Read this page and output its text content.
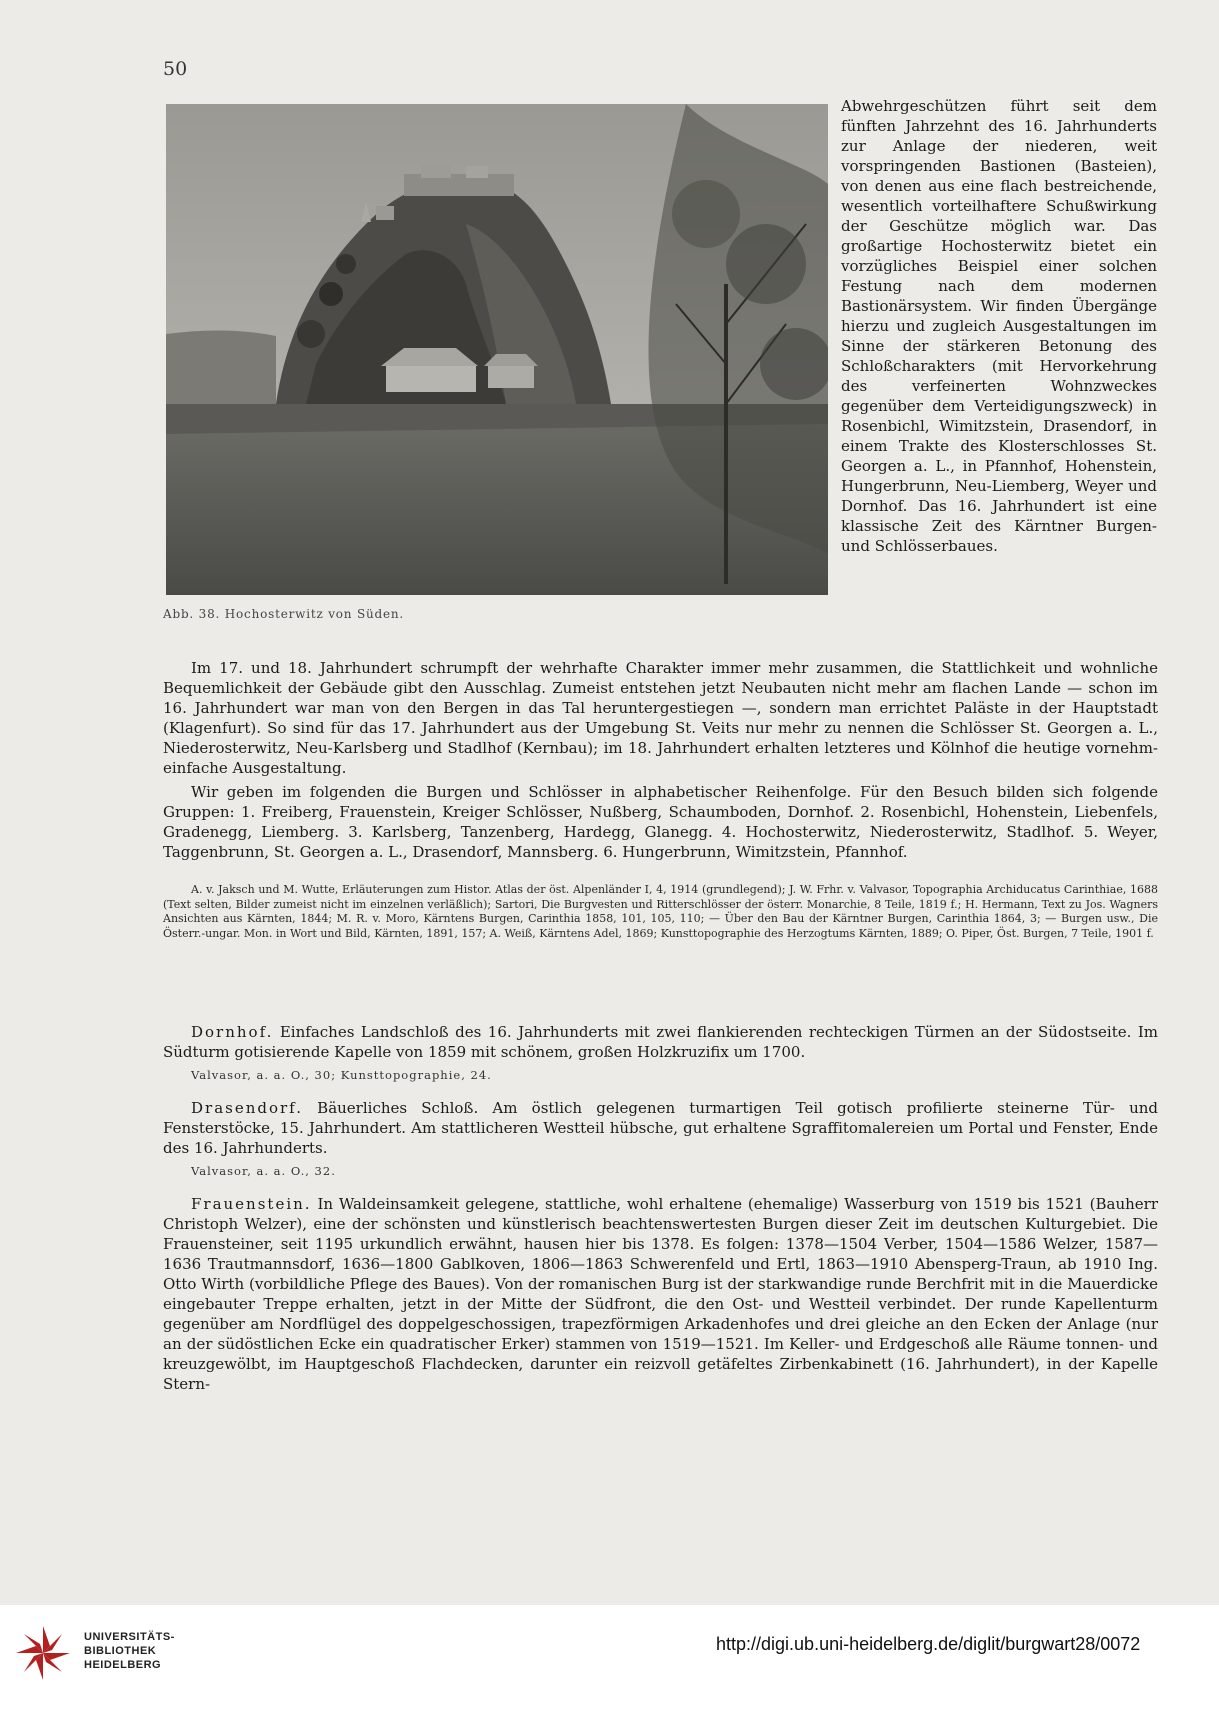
50
Abb. 38. Hochosterwitz von Süden.

Abwehrgeschützen führt seit dem fünften Jahrzehnt des 16. Jahrhunderts zur Anlage der niederen, weit vorspringenden Bastionen (Basteien), von denen aus eine flach bestreichende, wesentlich vorteilhaftere Schußwirkung der Geschütze möglich war. Das großartige Hochosterwitz bietet ein vorzügliches Beispiel einer solchen Festung nach dem modernen Bastionärsystem. Wir finden Übergänge hierzu und zugleich Ausgestaltungen im Sinne der stärkeren Betonung des Schloßcharakters (mit Hervorkehrung des verfeinerten Wohnzweckes gegenüber dem Verteidigungszweck) in Rosenbichl, Wimitzstein, Drasendorf, in einem Trakte des Klosterschlosses St. Georgen a. L., in Pfannhof, Hohenstein, Hungerbrunn, Neu-Liemberg, Weyer und Dornhof. Das 16. Jahrhundert ist eine klassische Zeit des Kärntner Burgen- und Schlösserbaues.

Im 17. und 18. Jahrhundert schrumpft der wehrhafte Charakter immer mehr zusammen, die Stattlichkeit und wohnliche Bequemlichkeit der Gebäude gibt den Ausschlag. Zumeist entstehen jetzt Neubauten nicht mehr am flachen Lande — schon im 16. Jahrhundert war man von den Bergen in das Tal heruntergestiegen —, sondern man errichtet Paläste in der Hauptstadt (Klagenfurt). So sind für das 17. Jahrhundert aus der Umgebung St. Veits nur mehr zu nennen die Schlösser St. Georgen a. L., Niederosterwitz, Neu-Karlsberg und Stadlhof (Kernbau); im 18. Jahrhundert erhalten letzteres und Kölnhof die heutige vornehm-einfache Ausgestaltung.

Wir geben im folgenden die Burgen und Schlösser in alphabetischer Reihenfolge. Für den Besuch bilden sich folgende Gruppen: 1. Freiberg, Frauenstein, Kreiger Schlösser, Nußberg, Schaumboden, Dornhof. 2. Rosenbichl, Hohenstein, Liebenfels, Gradenegg, Liemberg. 3. Karlsberg, Tanzenberg, Hardegg, Glanegg. 4. Hochosterwitz, Niederosterwitz, Stadlhof. 5. Weyer, Taggenbrunn, St. Georgen a. L., Drasendorf, Mannsberg. 6. Hungerbrunn, Wimitzstein, Pfannhof.

A. v. Jaksch und M. Wutte, Erläuterungen zum Histor. Atlas der öst. Alpenländer I, 4, 1914 (grundlegend); J. W. Frhr. v. Valvasor, Topographia Archiducatus Carinthiae, 1688 (Text selten, Bilder zumeist nicht im einzelnen verläßlich); Sartori, Die Burgvesten und Ritterschlösser der österr. Monarchie, 8 Teile, 1819 f.; H. Hermann, Text zu Jos. Wagners Ansichten aus Kärnten, 1844; M. R. v. Moro, Kärntens Burgen, Carinthia 1858, 101, 105, 110; — Über den Bau der Kärntner Burgen, Carinthia 1864, 3; — Burgen usw., Die Österr.-ungar. Mon. in Wort und Bild, Kärnten, 1891, 157; A. Weiß, Kärntens Adel, 1869; Kunsttopographie des Herzogtums Kärnten, 1889; O. Piper, Öst. Burgen, 7 Teile, 1901 f.

Dornhof. Einfaches Landschloß des 16. Jahrhunderts mit zwei flankierenden rechteckigen Türmen an der Südostseite. Im Südturm gotisierende Kapelle von 1859 mit schönem, großen Holzkruzifix um 1700.

Valvasor, a. a. O., 30; Kunsttopographie, 24.

Drasendorf. Bäuerliches Schloß. Am östlich gelegenen turmartigen Teil gotisch profilierte steinerne Tür- und Fensterstöcke, 15. Jahrhundert. Am stattlicheren Westteil hübsche, gut erhaltene Sgraffitomalereien um Portal und Fenster, Ende des 16. Jahrhunderts.

Valvasor, a. a. O., 32.

Frauenstein. In Waldeinsamkeit gelegene, stattliche, wohl erhaltene (ehemalige) Wasserburg von 1519 bis 1521 (Bauherr Christoph Welzer), eine der schönsten und künstlerisch beachtenswertesten Burgen dieser Zeit im deutschen Kulturgebiet. Die Frauensteiner, seit 1195 urkundlich erwähnt, hausen hier bis 1378. Es folgen: 1378—1504 Verber, 1504—1586 Welzer, 1587—1636 Trautmannsdorf, 1636—1800 Gablkoven, 1806—1863 Schwerenfeld und Ertl, 1863—1910 Abensperg-Traun, ab 1910 Ing. Otto Wirth (vorbildliche Pflege des Baues). Von der romanischen Burg ist der starkwandige runde Berchfrit mit in die Mauerdicke eingebauter Treppe erhalten, jetzt in der Mitte der Südfront, die den Ost- und Westteil verbindet. Der runde Kapellenturm gegenüber am Nordflügel des doppelgeschossigen, trapezförmigen Arkadenhofes und drei gleiche an den Ecken der Anlage (nur an der südöstlichen Ecke ein quadratischer Erker) stammen von 1519—1521. Im Keller- und Erdgeschoß alle Räume tonnen- und kreuzgewölbt, im Hauptgeschoß Flachdecken, darunter ein reizvoll getäfeltes Zirbenkabinett (16. Jahrhundert), in der Kapelle Stern-

UNIVERSITÄTS-
BIBLIOTHEK
HEIDELBERG
http://digi.ub.uni-heidelberg.de/diglit/burgwart28/0072
